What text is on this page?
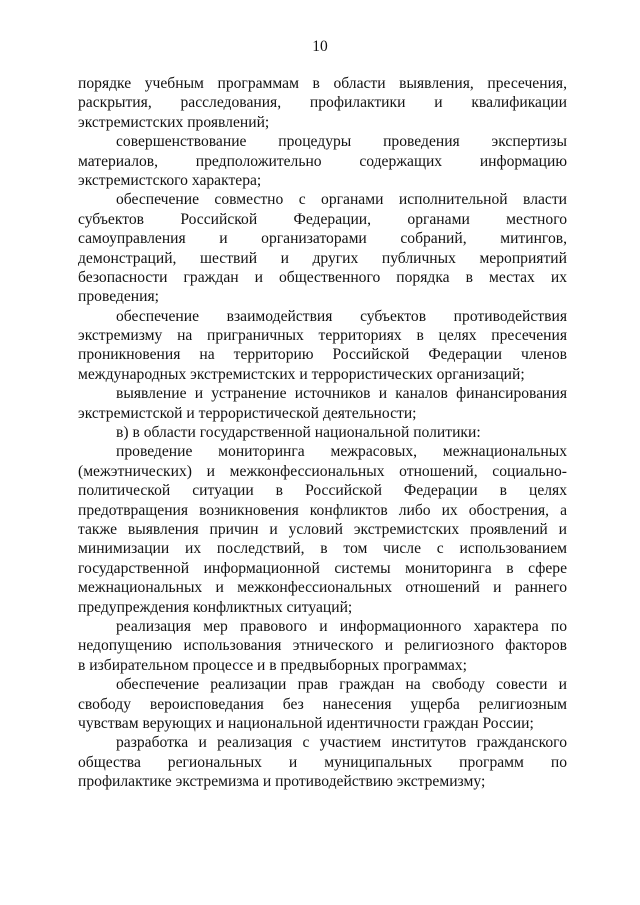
10
порядке учебным программам в области выявления, пресечения,
раскрытия, расследования, профилактики и квалификации
экстремистских проявлений;
совершенствование процедуры проведения экспертизы
материалов, предположительно содержащих информацию
экстремистского характера;
обеспечение совместно с органами исполнительной власти
субъектов Российской Федерации, органами местного
самоуправления и организаторами собраний, митингов,
демонстраций, шествий и других публичных мероприятий
безопасности граждан и общественного порядка в местах их
проведения;
обеспечение взаимодействия субъектов противодействия
экстремизму на приграничных территориях в целях пресечения
проникновения на территорию Российской Федерации членов
международных экстремистских и террористических организаций;
выявление и устранение источников и каналов финансирования
экстремистской и террористической деятельности;
в) в области государственной национальной политики:
проведение мониторинга межрасовых, межнациональных
(межэтнических) и межконфессиональных отношений, социально-
политической ситуации в Российской Федерации в целях
предотвращения возникновения конфликтов либо их обострения, а
также выявления причин и условий экстремистских проявлений и
минимизации их последствий, в том числе с использованием
государственной информационной системы мониторинга в сфере
межнациональных и межконфессиональных отношений и раннего
предупреждения конфликтных ситуаций;
реализация мер правового и информационного характера по
недопущению использования этнического и религиозного факторов
в избирательном процессе и в предвыборных программах;
обеспечение реализации прав граждан на свободу совести и
свободу вероисповедания без нанесения ущерба религиозным
чувствам верующих и национальной идентичности граждан России;
разработка и реализация с участием институтов гражданского
общества региональных и муниципальных программ по
профилактике экстремизма и противодействию экстремизму;
